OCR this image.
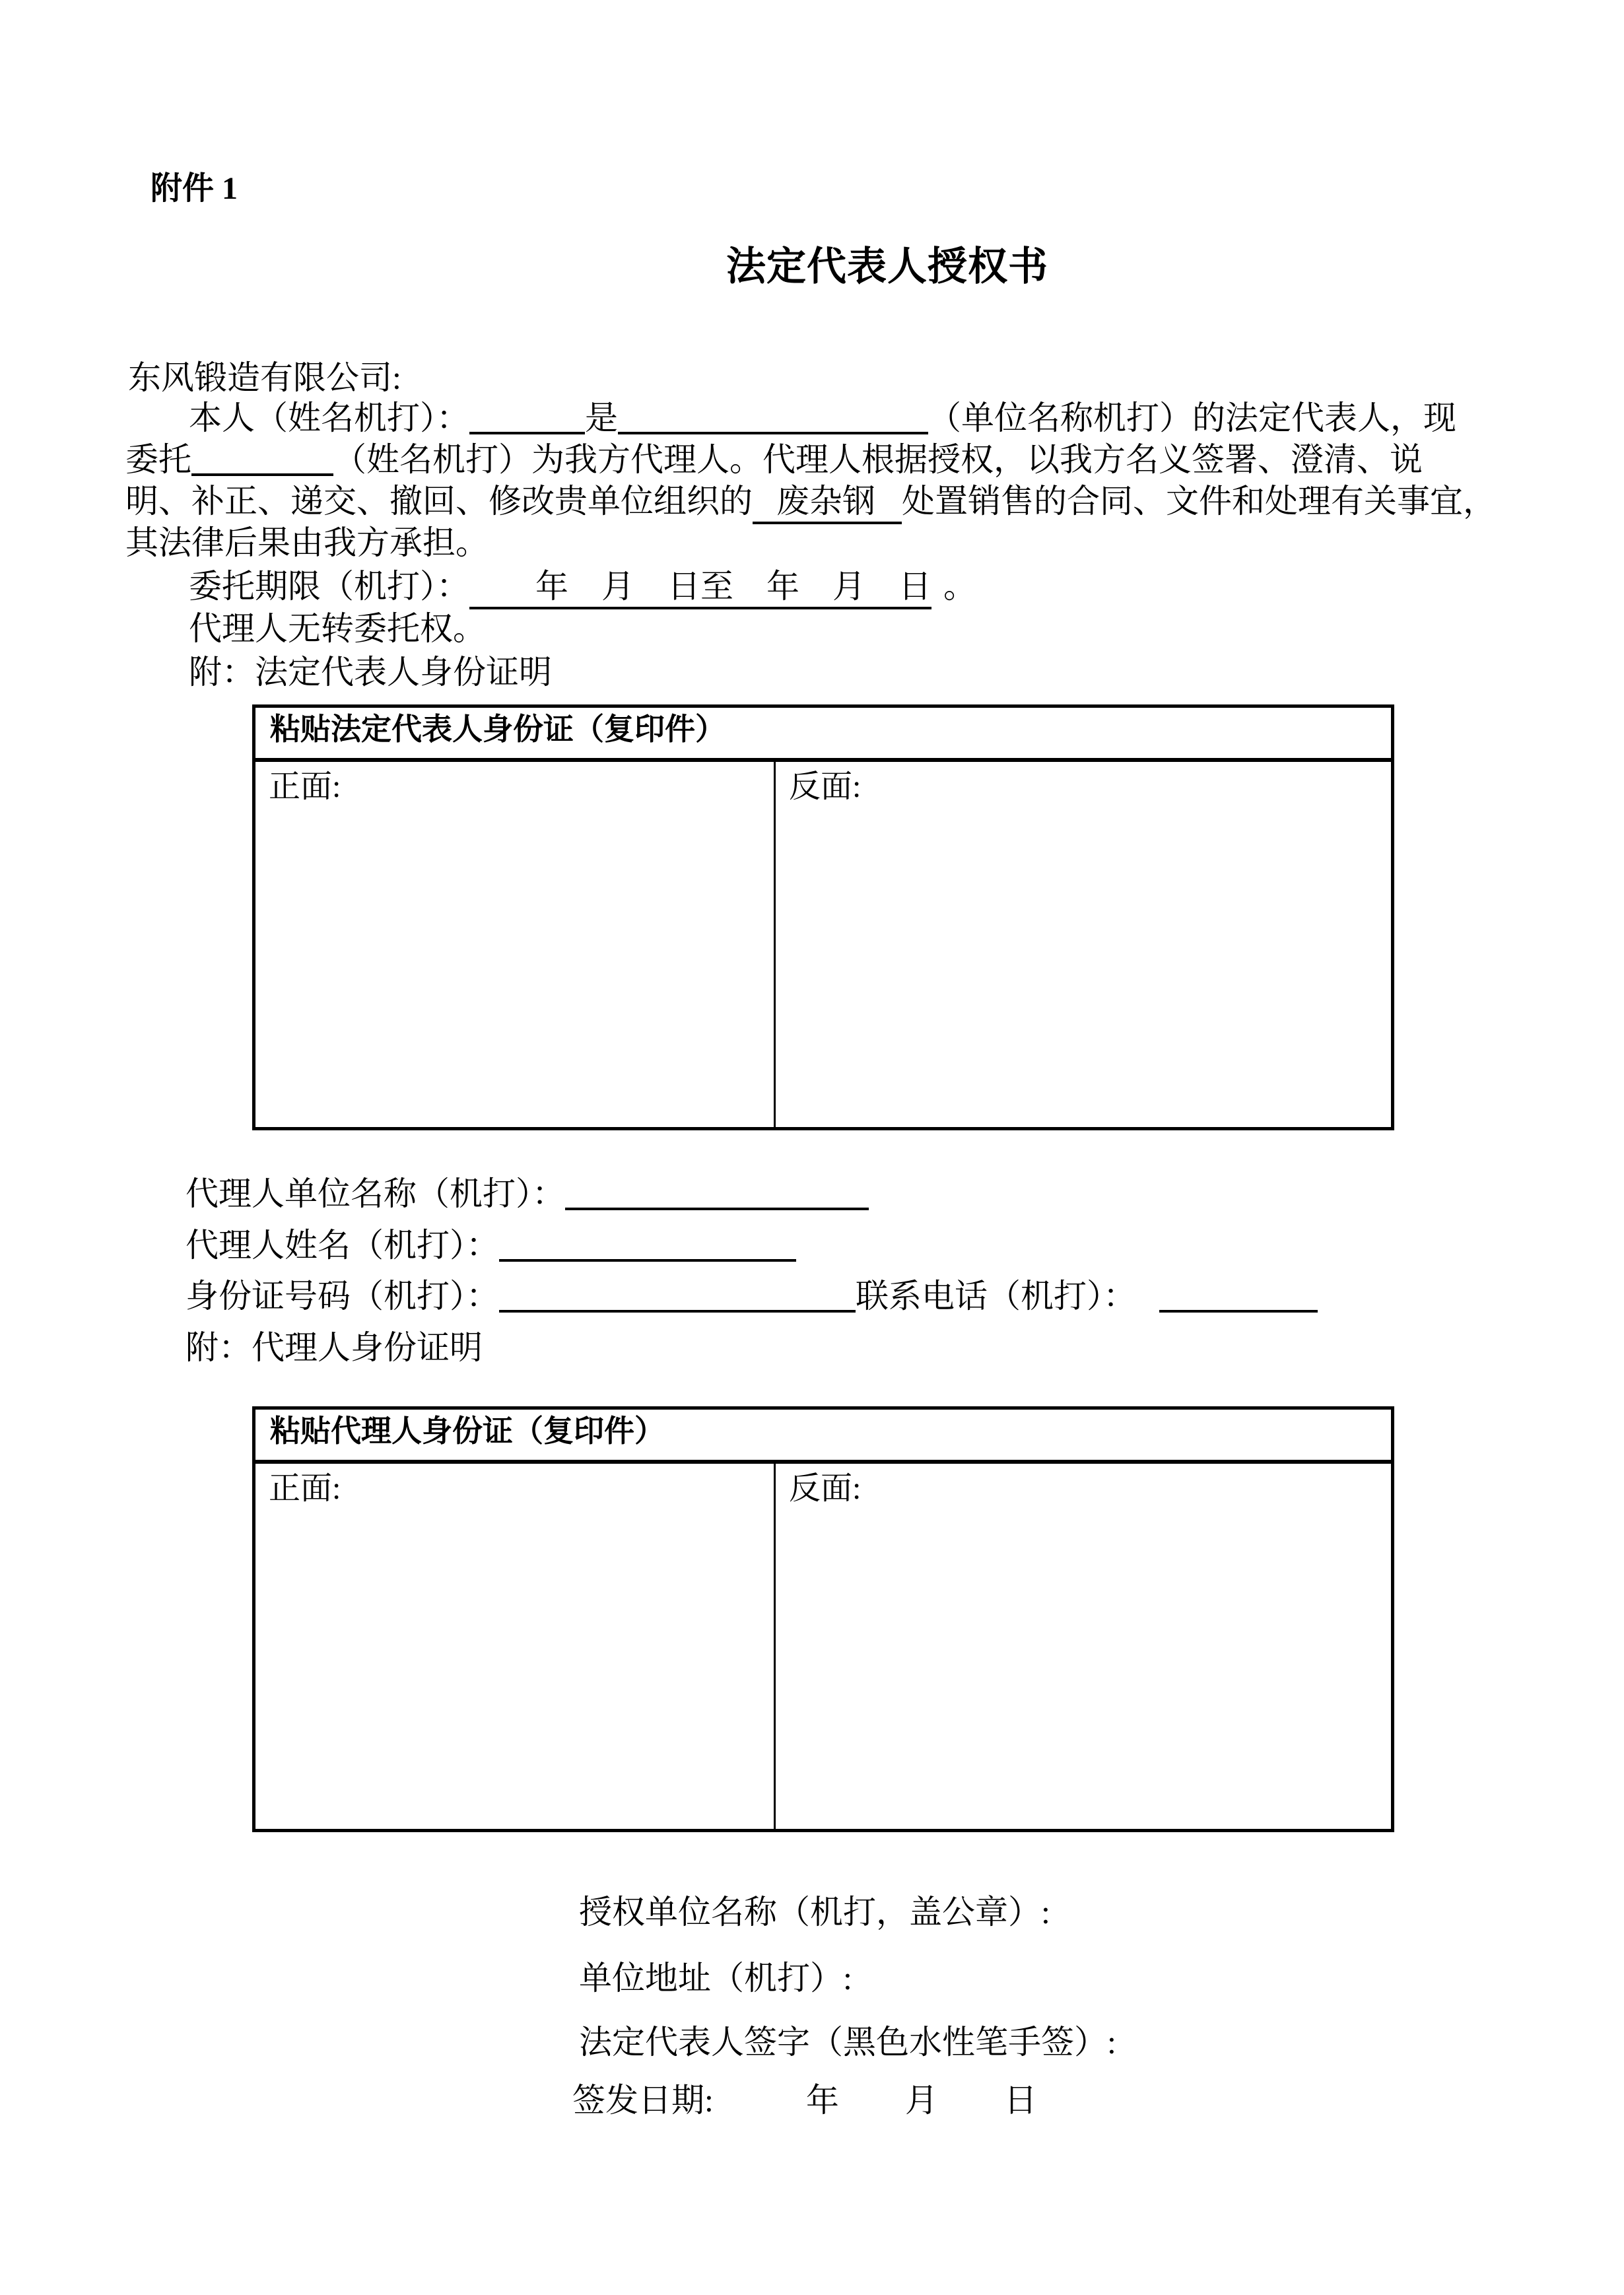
附件 1
法定代表人授权书
东风锻造有限公司:
本人（姓名机打）：	是	（单位名称机打）的法定代表人，现
委托	（姓名机打）为我方代理人。代理人根据授权，以我方名义签署、澄清、说
明、补正、递交、撤回、修改贵单位组织的 废杂钢 处置销售的合同、文件和处理有关事宜，
其法律后果由我方承担。
委托期限（机打）：　　年　月　日至　年　月　日 。
代理人无转委托权。
附：法定代表人身份证明
粘贴法定代表人身份证（复印件）
正面:	反面:
代理人单位名称（机打）：
代理人姓名（机打）：
身份证号码（机打）：	联系电话（机打）：
附：代理人身份证明
粘贴代理人身份证（复印件）
正面:	反面:
授权单位名称（机打，盖公章）:
单位地址（机打）:
法定代表人签字（黑色水性笔手签）:
签发日期:	年　　月　　日
